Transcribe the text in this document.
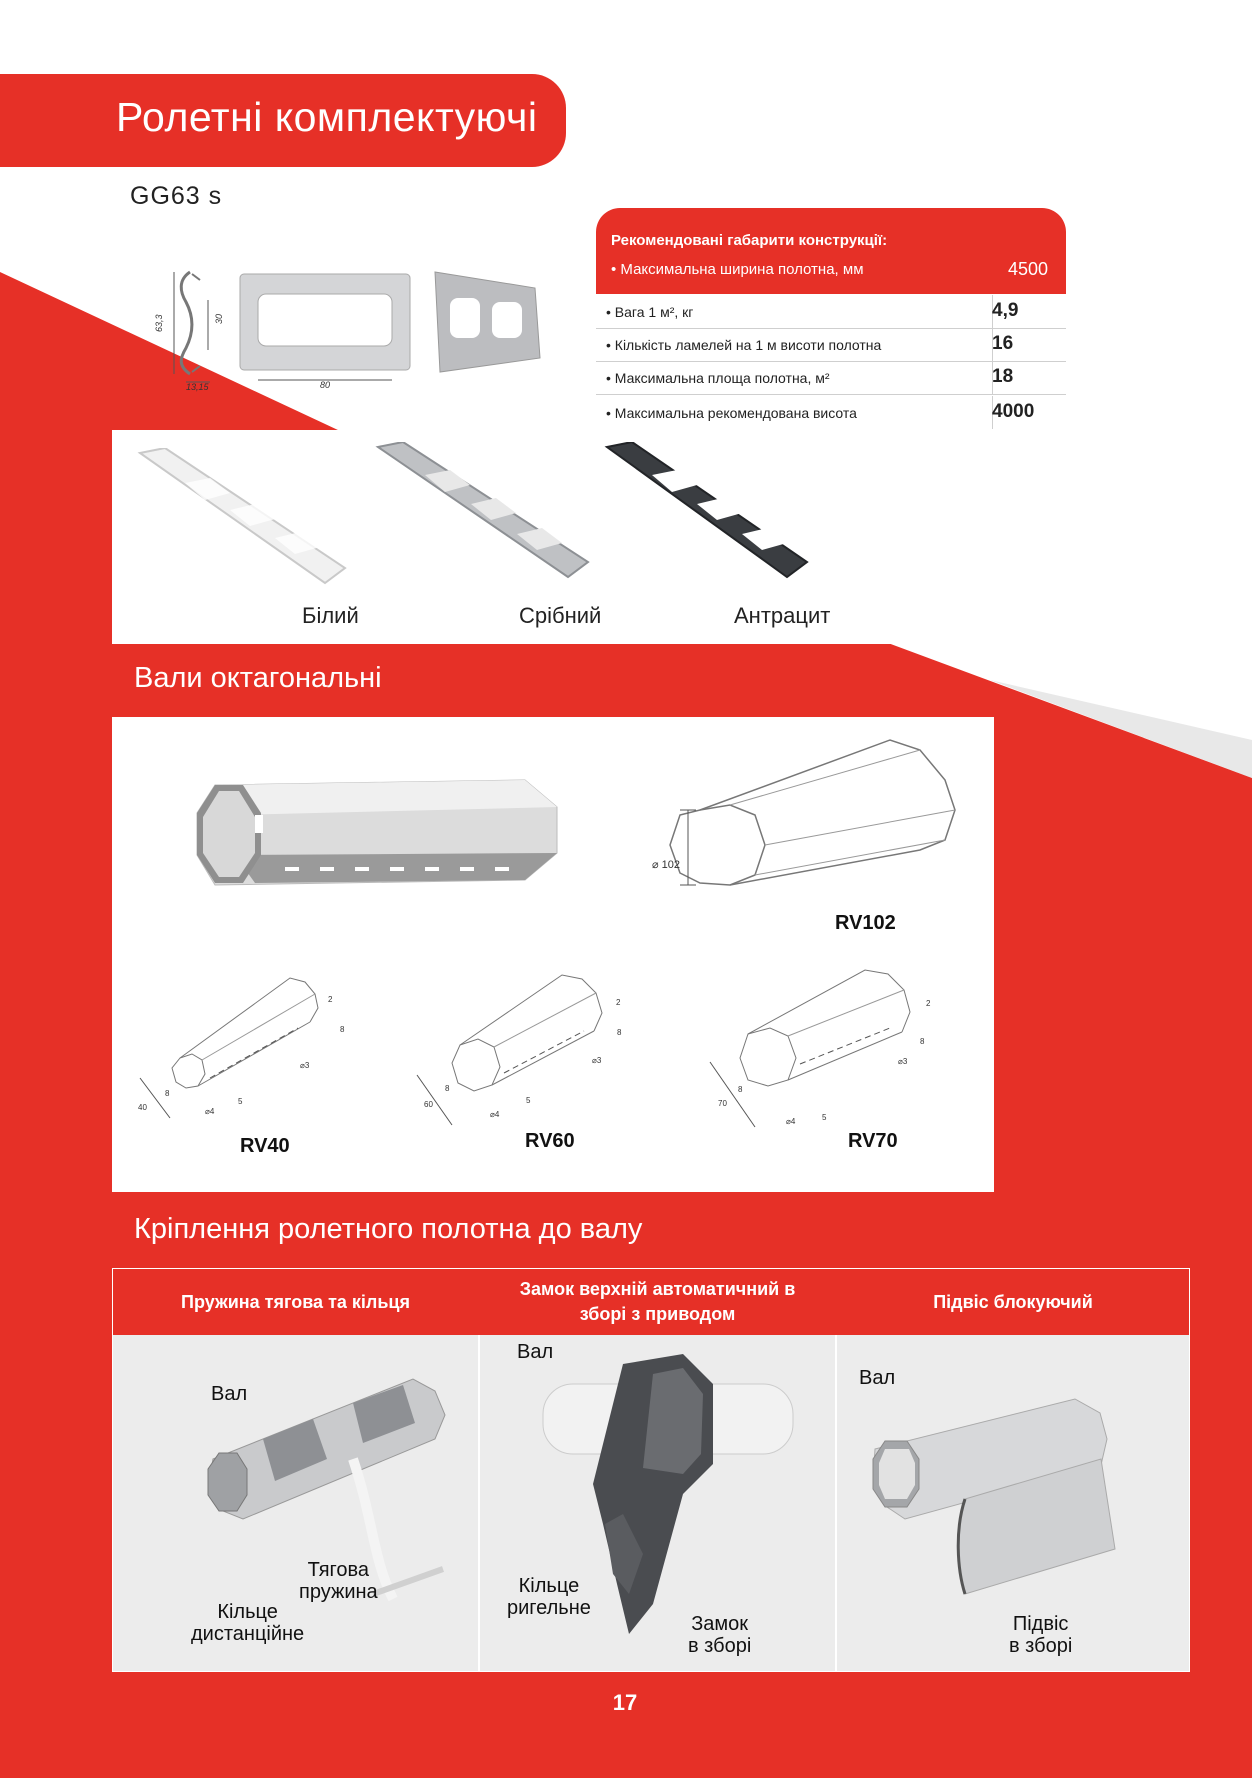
Ролетні комплектуючі
GG63 s
63,3	30
13,15	80
Рекомендовані габарити конструкції:
• Максимальна ширина полотна, мм	4500
• Вага 1 м², кг	4,9
• Кількість ламелей на 1 м висоти полотна	16
• Максимальна площа полотна, м²	18
• Максимальна рекомендована висота	4000
Білий	Срібний	Антрацит
Вали октагональні
⌀ 102
RV102
40
8
5
⌀4
⌀3
2
8
60
8
5
⌀4
⌀3
2
8
70
8
5
⌀4
⌀3
2
8
RV40	RV60	RV70
Кріплення ролетного полотна до валу
Пружина тягова та кільця
Замок верхній автоматичний в
зборі з приводом
Підвіс блокуючий
Вал
Тягова
пружина
Кільце
дистанційне
Вал
Кільце
ригельне
Замок
в зборі
Вал
Підвіс
в зборі
17
